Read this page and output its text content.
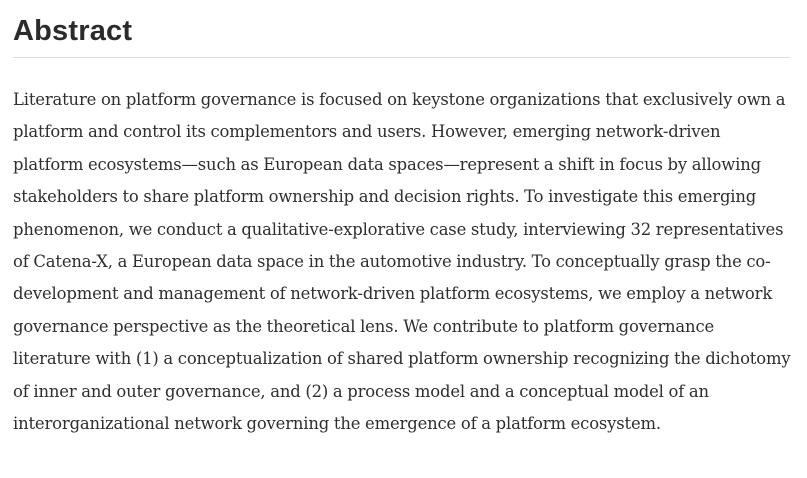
Abstract

Literature on platform governance is focused on keystone organizations that exclusively own a platform and control its complementors and users. However, emerging network-driven platform ecosystems—such as European data spaces—represent a shift in focus by allowing stakeholders to share platform ownership and decision rights. To investigate this emerging phenomenon, we conduct a qualitative-explorative case study, interviewing 32 representatives of Catena-X, a European data space in the automotive industry. To conceptually grasp the co-development and management of network-driven platform ecosystems, we employ a network governance perspective as the theoretical lens. We contribute to platform governance literature with (1) a conceptualization of shared platform ownership recognizing the dichotomy of inner and outer governance, and (2) a process model and a conceptual model of an interorganizational network governing the emergence of a platform ecosystem.
